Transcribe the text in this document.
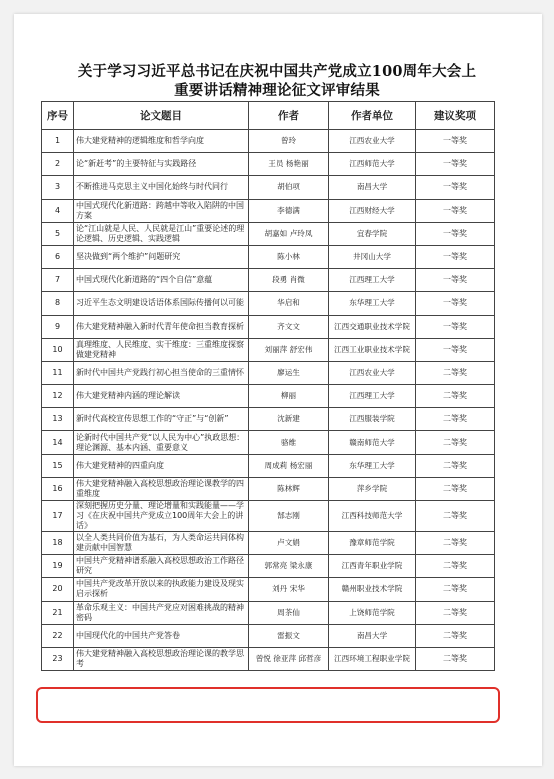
关于学习习近平总书记在庆祝中国共产党成立100周年大会上
重要讲话精神理论征文评审结果
序号	论文题目	作者	作者单位	建议奖项
1	伟大建党精神的逻辑维度和哲学向度	曾玲	江西农业大学	一等奖
2	论“新赶考”的主要特征与实践路径	王员 杨艳丽	江西师范大学	一等奖
3	不断推进马克思主义中国化始终与时代同行	胡伯项	南昌大学	一等奖
4	中国式现代化新道路：跨越中等收入陷阱的中国方案	李德满	江西财经大学	一等奖
5	论“江山就是人民、人民就是江山”重要论述的理论逻辑、历史逻辑、实践逻辑	胡嘉如 卢玲凤	宜春学院	一等奖
6	坚决做到“两个维护”问题研究	陈小林	井冈山大学	一等奖
7	中国式现代化新道路的“四个自信”意蕴	段勇 肖微	江西理工大学	一等奖
8	习近平生态文明建设话语体系国际传播何以可能	华启和	东华理工大学	一等奖
9	伟大建党精神融入新时代青年使命担当教育探析	齐文文	江西交通职业技术学院	一等奖
10	真理维度、人民维度、实干维度：三重维度探察做建党精神	刘丽萍 舒宏伟	江西工业职业技术学院	一等奖
11	新时代中国共产党践行初心担当使命的三重情怀	廖运生	江西农业大学	二等奖
12	伟大建党精神内涵的理论解读	柳丽	江西理工大学	二等奖
13	新时代高校宣传思想工作的“守正”与“创新”	沈新建	江西服装学院	二等奖
14	论新时代中国共产党“以人民为中心”执政思想：理论渊源、基本内涵、重要意义	骆维	赣南师范大学	二等奖
15	伟大建党精神的四重向度	周成莉 杨宏丽	东华理工大学	二等奖
16	伟大建党精神融入高校思想政治理论课教学的四重维度	陈林辉	萍乡学院	二等奖
17	深刻把握历史分量、理论增量和实践能量——学习《在庆祝中国共产党成立100周年大会上的讲话》	郜志刚	江西科技师范大学	二等奖
18	以全人类共同价值为基石，为人类命运共同体构建贡献中国智慧	卢文娟	豫章师范学院	二等奖
19	中国共产党精神谱系融入高校思想政治工作路径研究	郭常亮 梁永康	江西青年职业学院	二等奖
20	中国共产党改革开放以来的执政能力建设及现实启示探析	刘丹 宋华	赣州职业技术学院	二等奖
21	革命乐观主义：中国共产党应对困难挑战的精神密码	周茶仙	上饶师范学院	二等奖
22	中国现代化的中国共产党答卷	雷振文	南昌大学	二等奖
23	伟大建党精神融入高校思想政治理论课的教学思考	曾悦 徐亚萍 邱哲彦	江西环境工程职业学院	二等奖
